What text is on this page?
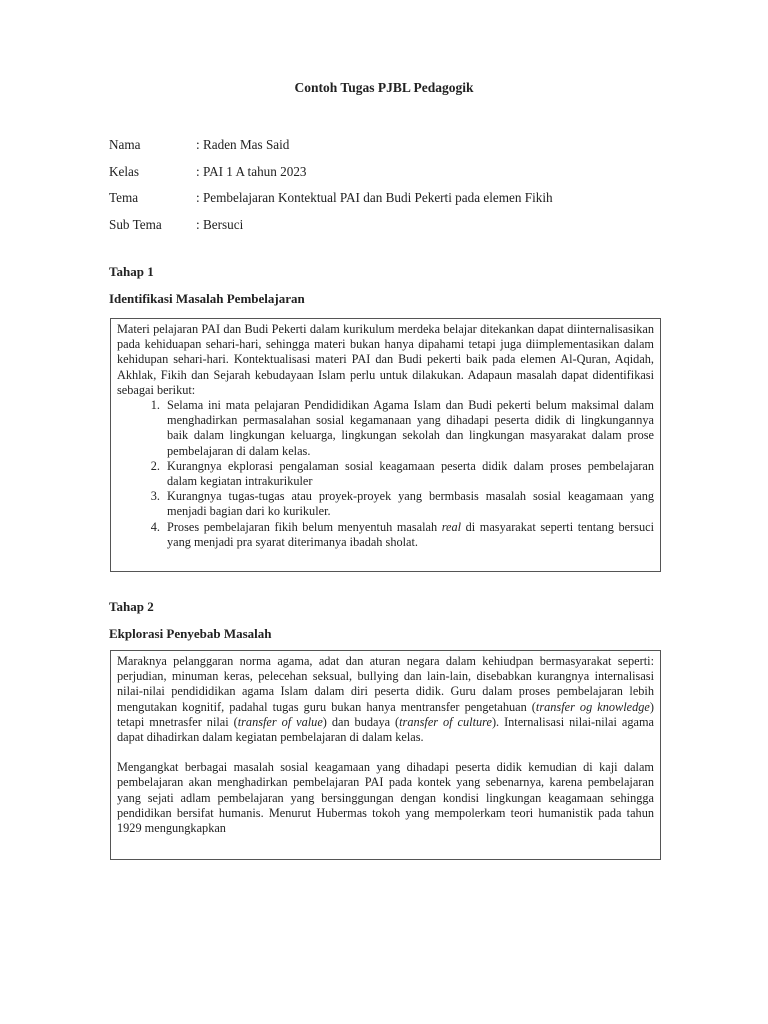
Contoh Tugas PJBL Pedagogik
Nama	: Raden Mas Said
Kelas	: PAI 1 A tahun 2023
Tema	: Pembelajaran Kontektual PAI dan Budi Pekerti pada elemen Fikih
Sub Tema	: Bersuci
Tahap 1
Identifikasi Masalah Pembelajaran

Materi pelajaran PAI dan Budi Pekerti dalam kurikulum merdeka belajar ditekankan dapat diinternalisasikan pada kehiduapan sehari-hari, sehingga materi bukan hanya dipahami tetapi juga diimplementasikan dalam kehidupan sehari-hari. Kontektualisasi materi PAI dan Budi pekerti baik pada elemen Al-Quran, Aqidah, Akhlak, Fikih dan Sejarah kebudayaan Islam perlu untuk dilakukan. Adapaun masalah dapat didentifikasi sebagai berikut:

1. Selama ini mata pelajaran Pendididikan Agama Islam dan Budi pekerti belum maksimal dalam menghadirkan permasalahan sosial kegamanaan yang dihadapi peserta didik di lingkungannya baik dalam lingkungan keluarga, lingkungan sekolah dan lingkungan masyarakat dalam prose pembelajaran di dalam kelas.
2. Kurangnya ekplorasi pengalaman sosial keagamaan peserta didik dalam proses pembelajaran dalam kegiatan intrakurikuler
3. Kurangnya tugas-tugas atau proyek-proyek yang bermbasis masalah sosial keagamaan yang menjadi bagian dari ko kurikuler.
4. Proses pembelajaran fikih belum menyentuh masalah real di masyarakat seperti tentang bersuci yang menjadi pra syarat diterimanya ibadah sholat.
Tahap 2
Ekplorasi Penyebab Masalah

Maraknya pelanggaran norma agama, adat dan aturan negara dalam kehiudpan bermasyarakat seperti: perjudian, minuman keras, pelecehan seksual, bullying dan lain-lain, disebabkan kurangnya internalisasi nilai-nilai pendididikan agama Islam dalam diri peserta didik. Guru dalam proses pembelajaran lebih mengutakan kognitif, padahal tugas guru bukan hanya mentransfer pengetahuan (transfer og knowledge) tetapi mnetrasfer nilai (transfer of value) dan budaya (transfer of culture). Internalisasi nilai-nilai agama dapat dihadirkan dalam kegiatan pembelajaran di dalam kelas.

Mengangkat berbagai masalah sosial keagamaan yang dihadapi peserta didik kemudian di kaji dalam pembelajaran akan menghadirkan pembelajaran PAI pada kontek yang sebenarnya, karena pembelajaran yang sejati adlam pembelajaran yang bersinggungan dengan kondisi lingkungan keagamaan sehingga pendidikan bersifat humanis. Menurut Hubermas tokoh yang mempolerkam teori humanistik pada tahun 1929 mengungkapkan
